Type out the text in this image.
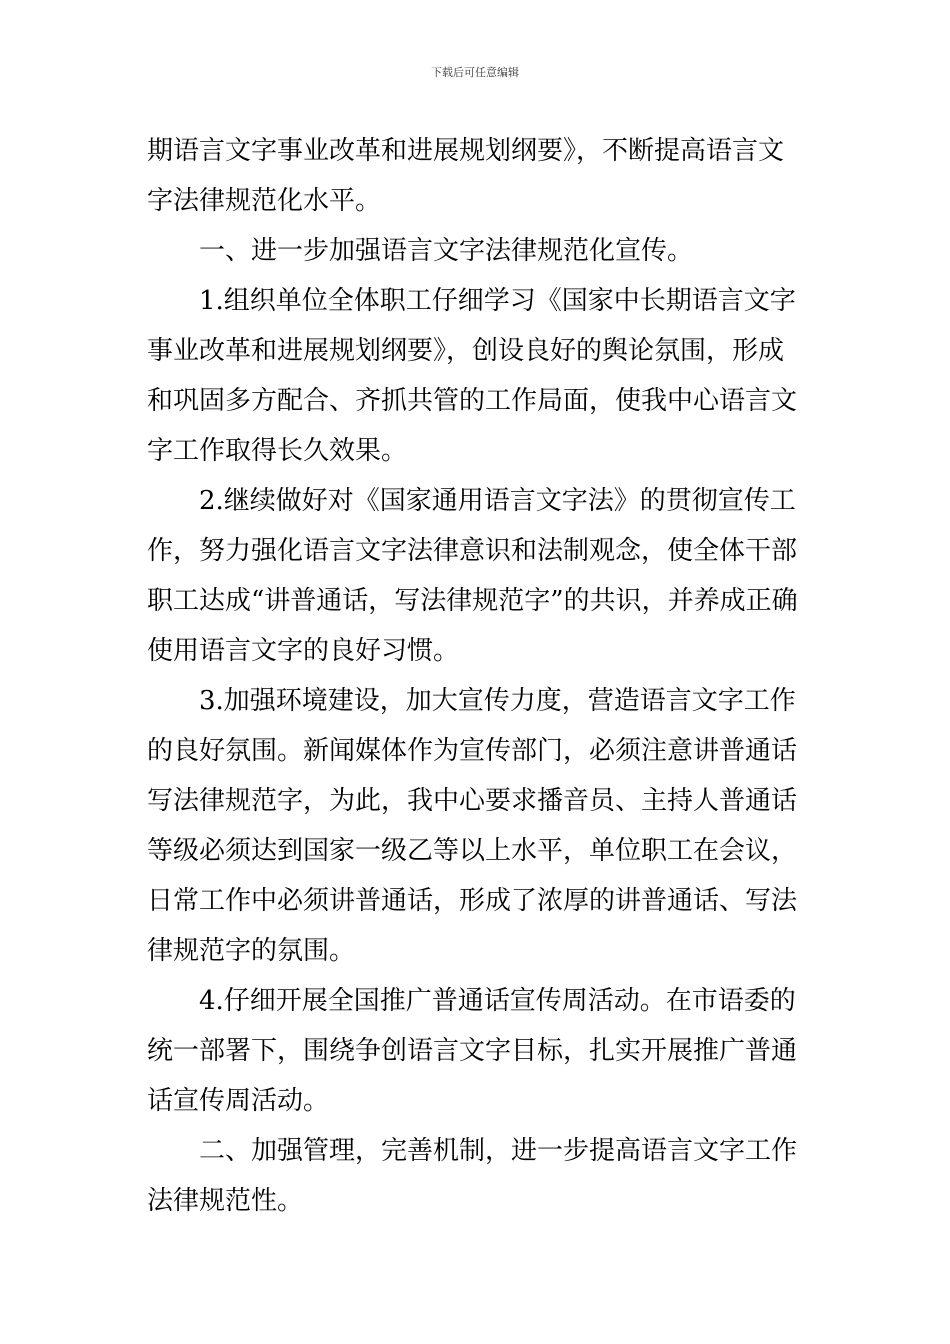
下载后可任意编辑

期语言文字事业改革和进展规划纲要》，不断提高语言文字法律规范化水平。

一、进一步加强语言文字法律规范化宣传。

1.组织单位全体职工仔细学习《国家中长期语言文字事业改革和进展规划纲要》，创设良好的舆论氛围，形成和巩固多方配合、齐抓共管的工作局面，使我中心语言文字工作取得长久效果。

2.继续做好对《国家通用语言文字法》的贯彻宣传工作，努力强化语言文字法律意识和法制观念，使全体干部职工达成“讲普通话，写法律规范字”的共识，并养成正确使用语言文字的良好习惯。

3.加强环境建设，加大宣传力度，营造语言文字工作的良好氛围。新闻媒体作为宣传部门，必须注意讲普通话写法律规范字，为此，我中心要求播音员、主持人普通话等级必须达到国家一级乙等以上水平，单位职工在会议，日常工作中必须讲普通话，形成了浓厚的讲普通话、写法律规范字的氛围。

4.仔细开展全国推广普通话宣传周活动。在市语委的统一部署下，围绕争创语言文字目标，扎实开展推广普通话宣传周活动。

二、加强管理，完善机制，进一步提高语言文字工作法律规范性。
